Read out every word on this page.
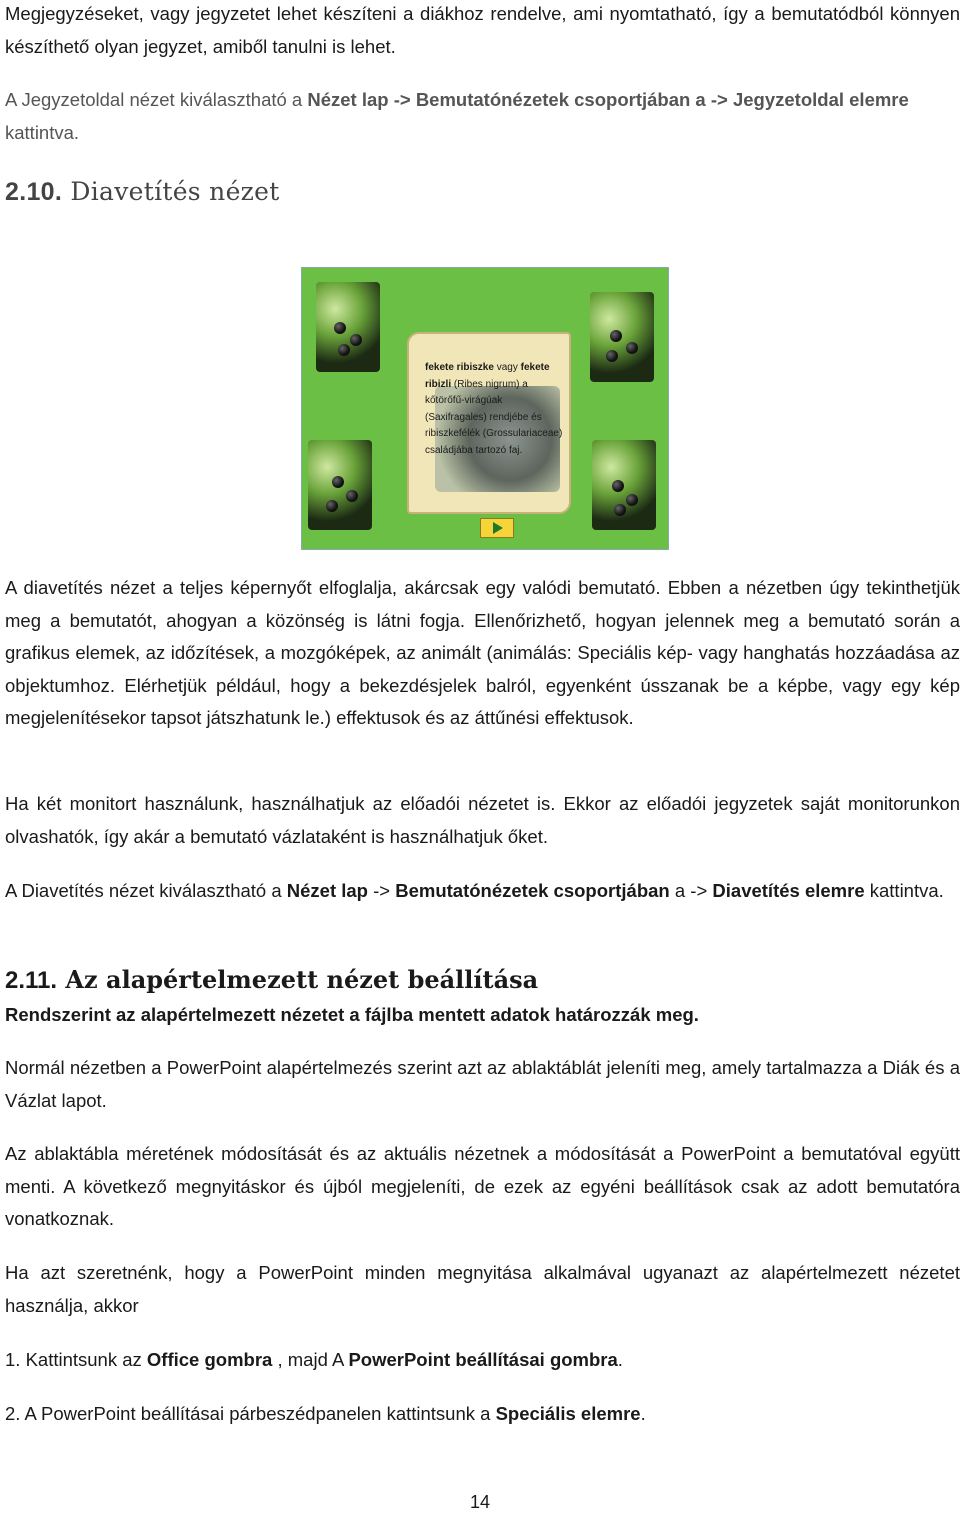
Megjegyzéseket, vagy jegyzetet lehet készíteni a diákhoz rendelve, ami nyomtatható, így a bemutatódból könnyen készíthető olyan jegyzet, amiből tanulni is lehet.

A Jegyzetoldal nézet kiválasztható a Nézet lap -> Bemutatónézetek csoportjában a -> Jegyzetoldal elemre kattintva.

2.10. Diavetítés nézet
fekete ribiszke vagy fekete ribizli (Ribes nigrum) a kőtörőfű-virágúak (Saxifragales) rendjébe és ribiszkefélék (Grossulariaceae) családjába tartozó faj.

A diavetítés nézet a teljes képernyőt elfoglalja, akárcsak egy valódi bemutató. Ebben a nézetben úgy tekinthetjük meg a bemutatót, ahogyan a közönség is látni fogja. Ellenőrizhető, hogyan jelennek meg a bemutató során a grafikus elemek, az időzítések, a mozgóképek, az animált (animálás: Speciális kép- vagy hanghatás hozzáadása az objektumhoz. Elérhetjük például, hogy a bekezdésjelek balról, egyenként ússzanak be a képbe, vagy egy kép megjelenítésekor tapsot játszhatunk le.) effektusok és az áttűnési effektusok.

Ha két monitort használunk, használhatjuk az előadói nézetet is. Ekkor az előadói jegyzetek saját monitorunkon olvashatók, így akár a bemutató vázlataként is használhatjuk őket.

A Diavetítés nézet kiválasztható a Nézet lap -> Bemutatónézetek csoportjában a -> Diavetítés elemre kattintva.

2.11. Az alapértelmezett nézet beállítása

Rendszerint az alapértelmezett nézetet a fájlba mentett adatok határozzák meg.

Normál nézetben a PowerPoint alapértelmezés szerint azt az ablaktáblát jeleníti meg, amely tartalmazza a Diák és a Vázlat lapot.

Az ablaktábla méretének módosítását és az aktuális nézetnek a módosítását a PowerPoint a bemutatóval együtt menti. A következő megnyitáskor és újból megjeleníti, de ezek az egyéni beállítások csak az adott bemutatóra vonatkoznak.

Ha azt szeretnénk, hogy a PowerPoint minden megnyitása alkalmával ugyanazt az alapértelmezett nézetet használja, akkor

1. Kattintsunk az Office gombra , majd A PowerPoint beállításai gombra.

2. A PowerPoint beállításai párbeszédpanelen kattintsunk a Speciális elemre.

14
